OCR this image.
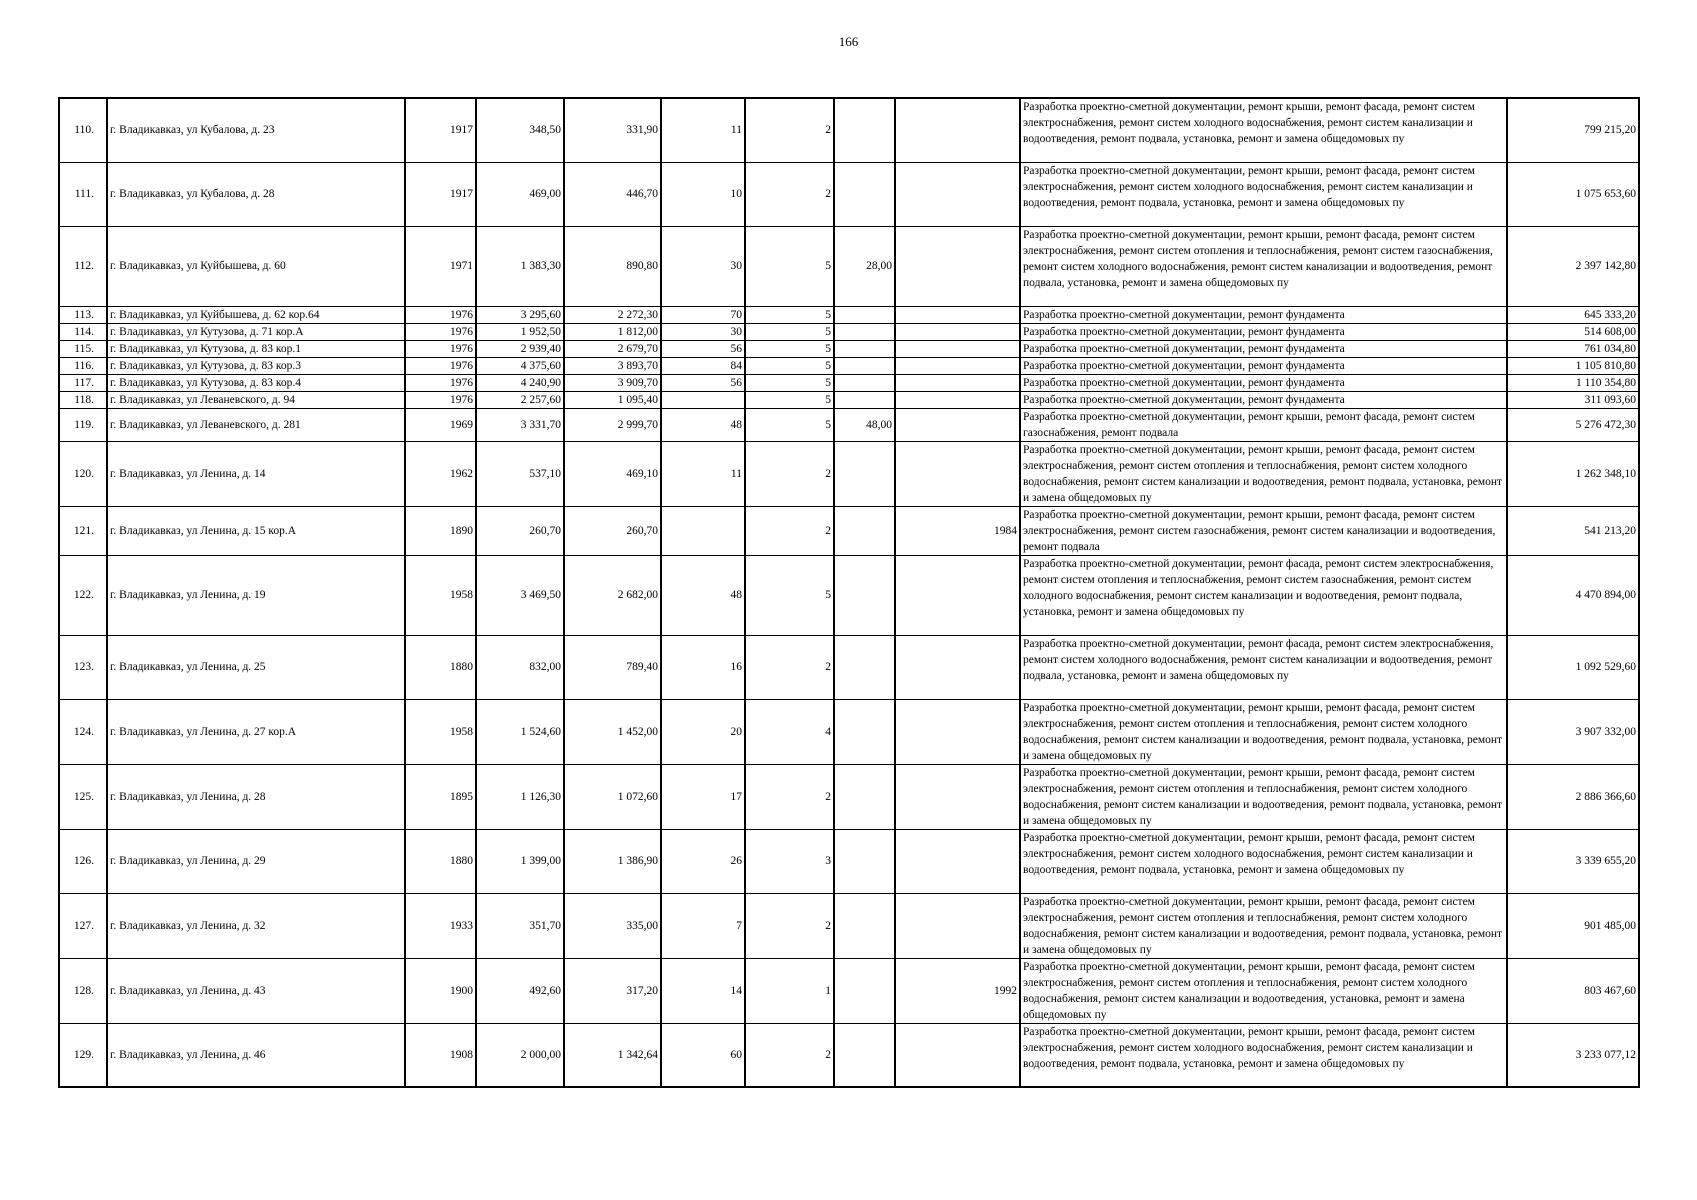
166
110.	г. Владикавказ, ул Кубалова, д. 23	1917	348,50	331,90	11	2			Разработка проектно-сметной документации, ремонт крыши, ремонт фасада, ремонт систем электроснабжения, ремонт систем холодного водоснабжения, ремонт систем канализации и водоотведения, ремонт подвала, установка, ремонт и замена общедомовых пу	799 215,20
111.	г. Владикавказ, ул Кубалова, д. 28	1917	469,00	446,70	10	2			Разработка проектно-сметной документации, ремонт крыши, ремонт фасада, ремонт систем электроснабжения, ремонт систем холодного водоснабжения, ремонт систем канализации и водоотведения, ремонт подвала, установка, ремонт и замена общедомовых пу	1 075 653,60
112.	г. Владикавказ, ул Куйбышева, д. 60	1971	1 383,30	890,80	30	5	28,00		Разработка проектно-сметной документации, ремонт крыши, ремонт фасада, ремонт систем электроснабжения, ремонт систем отопления и теплоснабжения, ремонт систем газоснабжения, ремонт систем холодного водоснабжения, ремонт систем канализации и водоотведения, ремонт подвала, установка, ремонт и замена общедомовых пу	2 397 142,80
113.	г. Владикавказ, ул Куйбышева, д. 62 кор.64	1976	3 295,60	2 272,30	70	5			Разработка проектно-сметной документации, ремонт фундамента	645 333,20
114.	г. Владикавказ, ул Кутузова, д. 71 кор.А	1976	1 952,50	1 812,00	30	5			Разработка проектно-сметной документации, ремонт фундамента	514 608,00
115.	г. Владикавказ, ул Кутузова, д. 83 кор.1	1976	2 939,40	2 679,70	56	5			Разработка проектно-сметной документации, ремонт фундамента	761 034,80
116.	г. Владикавказ, ул Кутузова, д. 83 кор.3	1976	4 375,60	3 893,70	84	5			Разработка проектно-сметной документации, ремонт фундамента	1 105 810,80
117.	г. Владикавказ, ул Кутузова, д. 83 кор.4	1976	4 240,90	3 909,70	56	5			Разработка проектно-сметной документации, ремонт фундамента	1 110 354,80
118.	г. Владикавказ, ул Леваневского, д. 94	1976	2 257,60	1 095,40		5			Разработка проектно-сметной документации, ремонт фундамента	311 093,60
119.	г. Владикавказ, ул Леваневского, д. 281	1969	3 331,70	2 999,70	48	5	48,00		Разработка проектно-сметной документации, ремонт крыши, ремонт фасада, ремонт систем газоснабжения, ремонт подвала	5 276 472,30
120.	г. Владикавказ, ул Ленина, д. 14	1962	537,10	469,10	11	2			Разработка проектно-сметной документации, ремонт крыши, ремонт фасада, ремонт систем электроснабжения, ремонт систем отопления и теплоснабжения, ремонт систем холодного водоснабжения, ремонт систем канализации и водоотведения, ремонт подвала, установка, ремонт и замена общедомовых пу	1 262 348,10
121.	г. Владикавказ, ул Ленина, д. 15 кор.А	1890	260,70	260,70		2		1984	Разработка проектно-сметной документации, ремонт крыши, ремонт фасада, ремонт систем электроснабжения, ремонт систем газоснабжения, ремонт систем канализации и водоотведения, ремонт подвала	541 213,20
122.	г. Владикавказ, ул Ленина, д. 19	1958	3 469,50	2 682,00	48	5			Разработка проектно-сметной документации, ремонт фасада, ремонт систем электроснабжения, ремонт систем отопления и теплоснабжения, ремонт систем газоснабжения, ремонт систем холодного водоснабжения, ремонт систем канализации и водоотведения, ремонт подвала, установка, ремонт и замена общедомовых пу	4 470 894,00
123.	г. Владикавказ, ул Ленина, д. 25	1880	832,00	789,40	16	2			Разработка проектно-сметной документации, ремонт фасада, ремонт систем электроснабжения, ремонт систем холодного водоснабжения, ремонт систем канализации и водоотведения, ремонт подвала, установка, ремонт и замена общедомовых пу	1 092 529,60
124.	г. Владикавказ, ул Ленина, д. 27 кор.А	1958	1 524,60	1 452,00	20	4			Разработка проектно-сметной документации, ремонт крыши, ремонт фасада, ремонт систем электроснабжения, ремонт систем отопления и теплоснабжения, ремонт систем холодного водоснабжения, ремонт систем канализации и водоотведения, ремонт подвала, установка, ремонт и замена общедомовых пу	3 907 332,00
125.	г. Владикавказ, ул Ленина, д. 28	1895	1 126,30	1 072,60	17	2			Разработка проектно-сметной документации, ремонт крыши, ремонт фасада, ремонт систем электроснабжения, ремонт систем отопления и теплоснабжения, ремонт систем холодного водоснабжения, ремонт систем канализации и водоотведения, ремонт подвала, установка, ремонт и замена общедомовых пу	2 886 366,60
126.	г. Владикавказ, ул Ленина, д. 29	1880	1 399,00	1 386,90	26	3			Разработка проектно-сметной документации, ремонт крыши, ремонт фасада, ремонт систем электроснабжения, ремонт систем холодного водоснабжения, ремонт систем канализации и водоотведения, ремонт подвала, установка, ремонт и замена общедомовых пу	3 339 655,20
127.	г. Владикавказ, ул Ленина, д. 32	1933	351,70	335,00	7	2			Разработка проектно-сметной документации, ремонт крыши, ремонт фасада, ремонт систем электроснабжения, ремонт систем отопления и теплоснабжения, ремонт систем холодного водоснабжения, ремонт систем канализации и водоотведения, ремонт подвала, установка, ремонт и замена общедомовых пу	901 485,00
128.	г. Владикавказ, ул Ленина, д. 43	1900	492,60	317,20	14	1		1992	Разработка проектно-сметной документации, ремонт крыши, ремонт фасада, ремонт систем электроснабжения, ремонт систем отопления и теплоснабжения, ремонт систем холодного водоснабжения, ремонт систем канализации и водоотведения, установка, ремонт и замена общедомовых пу	803 467,60
129.	г. Владикавказ, ул Ленина, д. 46	1908	2 000,00	1 342,64	60	2			Разработка проектно-сметной документации, ремонт крыши, ремонт фасада, ремонт систем электроснабжения, ремонт систем холодного водоснабжения, ремонт систем канализации и водоотведения, ремонт подвала, установка, ремонт и замена общедомовых пу	3 233 077,12
